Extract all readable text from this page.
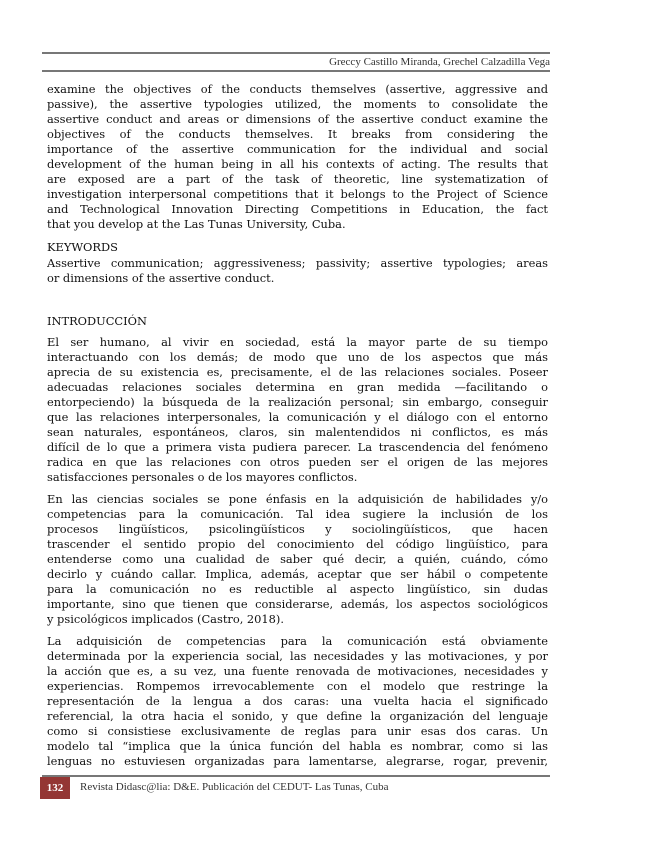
Greccy Castillo Miranda, Grechel Calzadilla Vega
examine the objectives of the conducts themselves (assertive, aggressive and
passive), the assertive typologies utilized, the moments to consolidate the
assertive conduct and areas or dimensions of the assertive conduct examine the
objectives of the conducts themselves. It breaks from considering the
importance of the assertive communication for the individual and social
development of the human being in all his contexts of acting. The results that
are exposed are a part of the task of theoretic, line systematization of
investigation interpersonal competitions that it belongs to the Project of Science
and Technological Innovation Directing Competitions in Education, the fact
that you develop at the Las Tunas University, Cuba.
KEYWORDS
Assertive communication; aggressiveness; passivity; assertive typologies; areas
or dimensions of the assertive conduct.
INTRODUCCIÓN
El ser humano, al vivir en sociedad, está la mayor parte de su tiempo
interactuando con los demás; de modo que uno de los aspectos que más
aprecia de su existencia es, precisamente, el de las relaciones sociales. Poseer
adecuadas relaciones sociales determina en gran medida —facilitando o
entorpeciendo) la búsqueda de la realización personal; sin embargo, conseguir
que las relaciones interpersonales, la comunicación y el diálogo con el entorno
sean naturales, espontáneos, claros, sin malentendidos ni conflictos, es más
difícil de lo que a primera vista pudiera parecer. La trascendencia del fenómeno
radica en que las relaciones con otros pueden ser el origen de las mejores
satisfacciones personales o de los mayores conflictos.
En las ciencias sociales se pone énfasis en la adquisición de habilidades y/o
competencias para la comunicación. Tal idea sugiere la inclusión de los
procesos lingüísticos, psicolingüísticos y sociolingüísticos, que hacen
trascender el sentido propio del conocimiento del código lingüístico, para
entenderse como una cualidad de saber qué decir, a quién, cuándo, cómo
decirlo y cuándo callar. Implica, además, aceptar que ser hábil o competente
para la comunicación no es reductible al aspecto lingüístico, sin dudas
importante, sino que tienen que considerarse, además, los aspectos sociológicos
y psicológicos implicados (Castro, 2018).
La adquisición de competencias para la comunicación está obviamente
determinada por la experiencia social, las necesidades y las motivaciones, y por
la acción que es, a su vez, una fuente renovada de motivaciones, necesidades y
experiencias. Rompemos irrevocablemente con el modelo que restringe la
representación de la lengua a dos caras: una vuelta hacia el significado
referencial, la otra hacia el sonido, y que define la organización del lenguaje
como si consistiese exclusivamente de reglas para unir esas dos caras. Un
modelo tal “implica que la única función del habla es nombrar, como si las
lenguas no estuviesen organizadas para lamentarse, alegrarse, rogar, prevenir,
132	Revista Didasc@lia: D&E. Publicación del CEDUT- Las Tunas, Cuba
